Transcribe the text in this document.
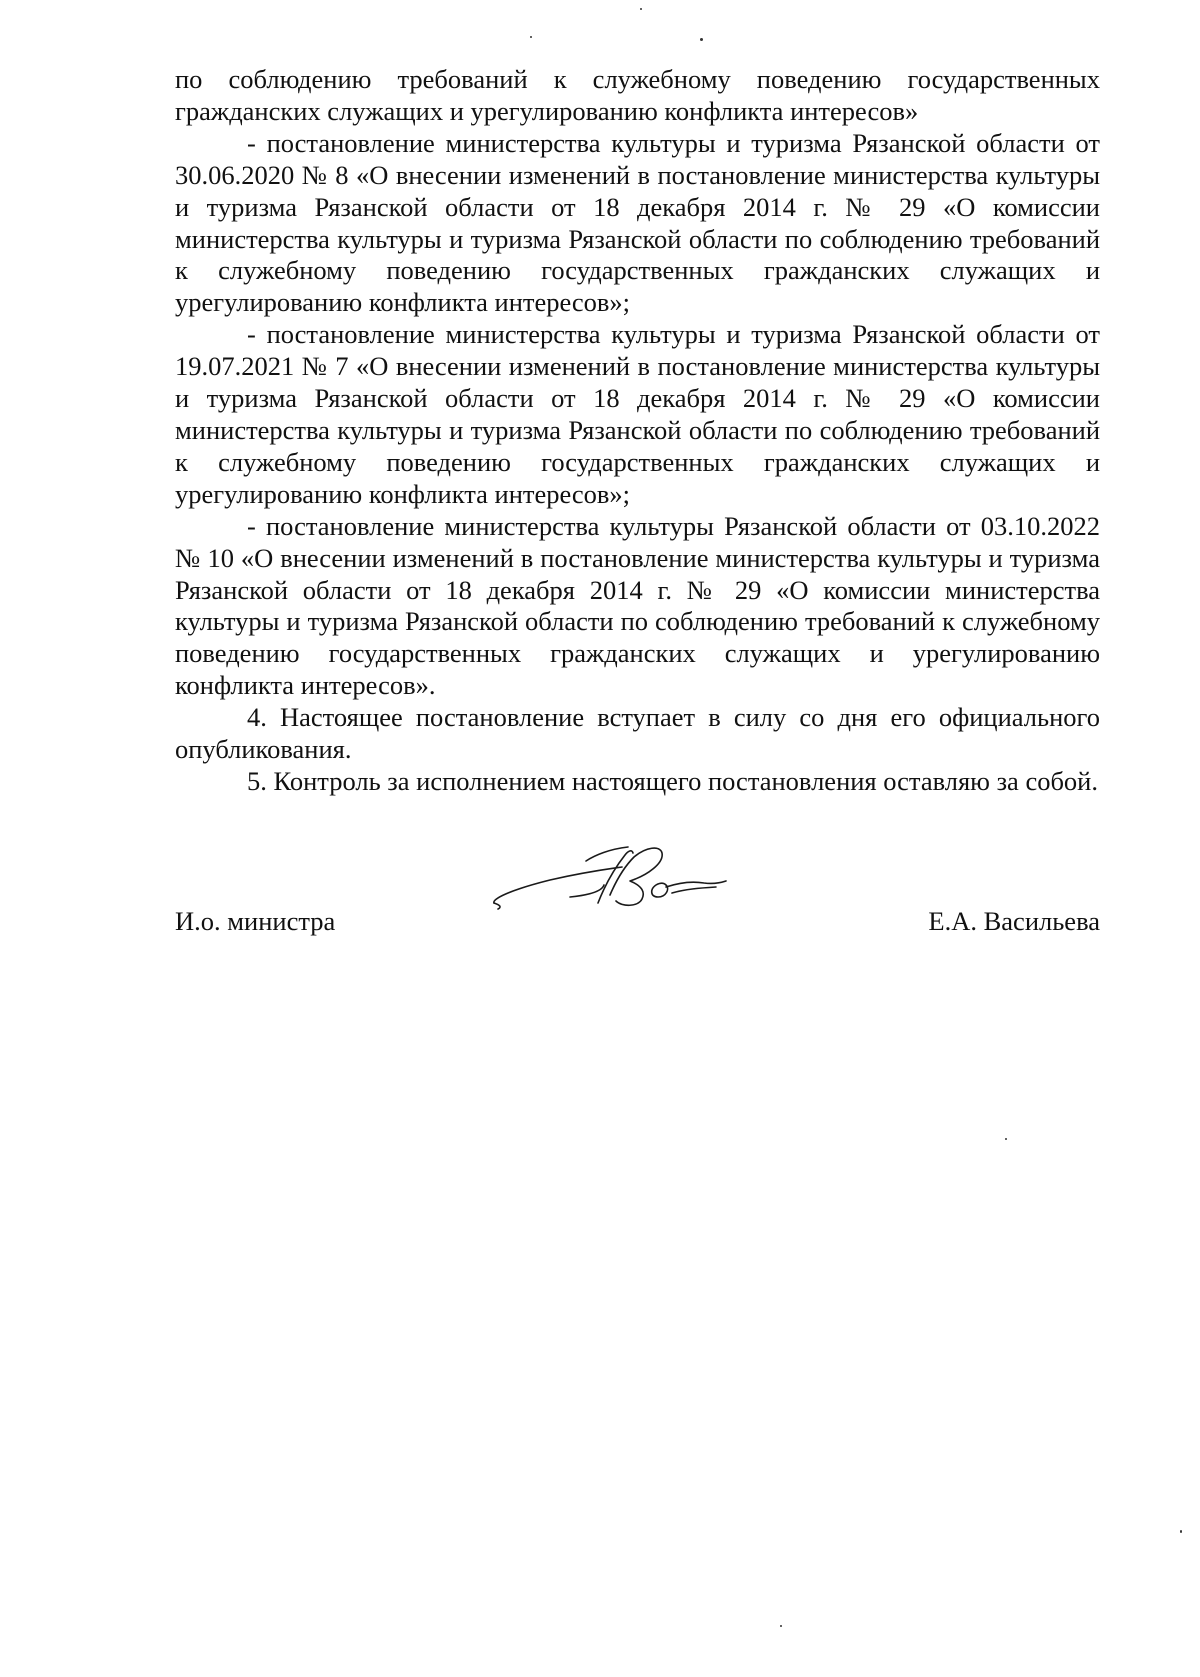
по соблюдению требований к служебному поведению государственных гражданских служащих и урегулированию конфликта интересов»

- постановление министерства культуры и туризма Рязанской области от 30.06.2020 № 8 «О внесении изменений в постановление министерства культуры и туризма Рязанской области от 18 декабря 2014 г. № 29 «О комиссии министерства культуры и туризма Рязанской области по соблюдению требований к служебному поведению государственных гражданских служащих и урегулированию конфликта интересов»;

- постановление министерства культуры и туризма Рязанской области от 19.07.2021 № 7 «О внесении изменений в постановление министерства культуры и туризма Рязанской области от 18 декабря 2014 г. № 29 «О комиссии министерства культуры и туризма Рязанской области по соблюдению требований к служебному поведению государственных гражданских служащих и урегулированию конфликта интересов»;

- постановление министерства культуры Рязанской области от 03.10.2022 № 10 «О внесении изменений в постановление министерства культуры и туризма Рязанской области от 18 декабря 2014 г. № 29 «О комиссии министерства культуры и туризма Рязанской области по соблюдению требований к служебному поведению государственных гражданских служащих и урегулированию конфликта интересов».

4. Настоящее постановление вступает в силу со дня его официального опубликования.

5. Контроль за исполнением настоящего постановления оставляю за собой.

И.о. министра	Е.А. Васильева
